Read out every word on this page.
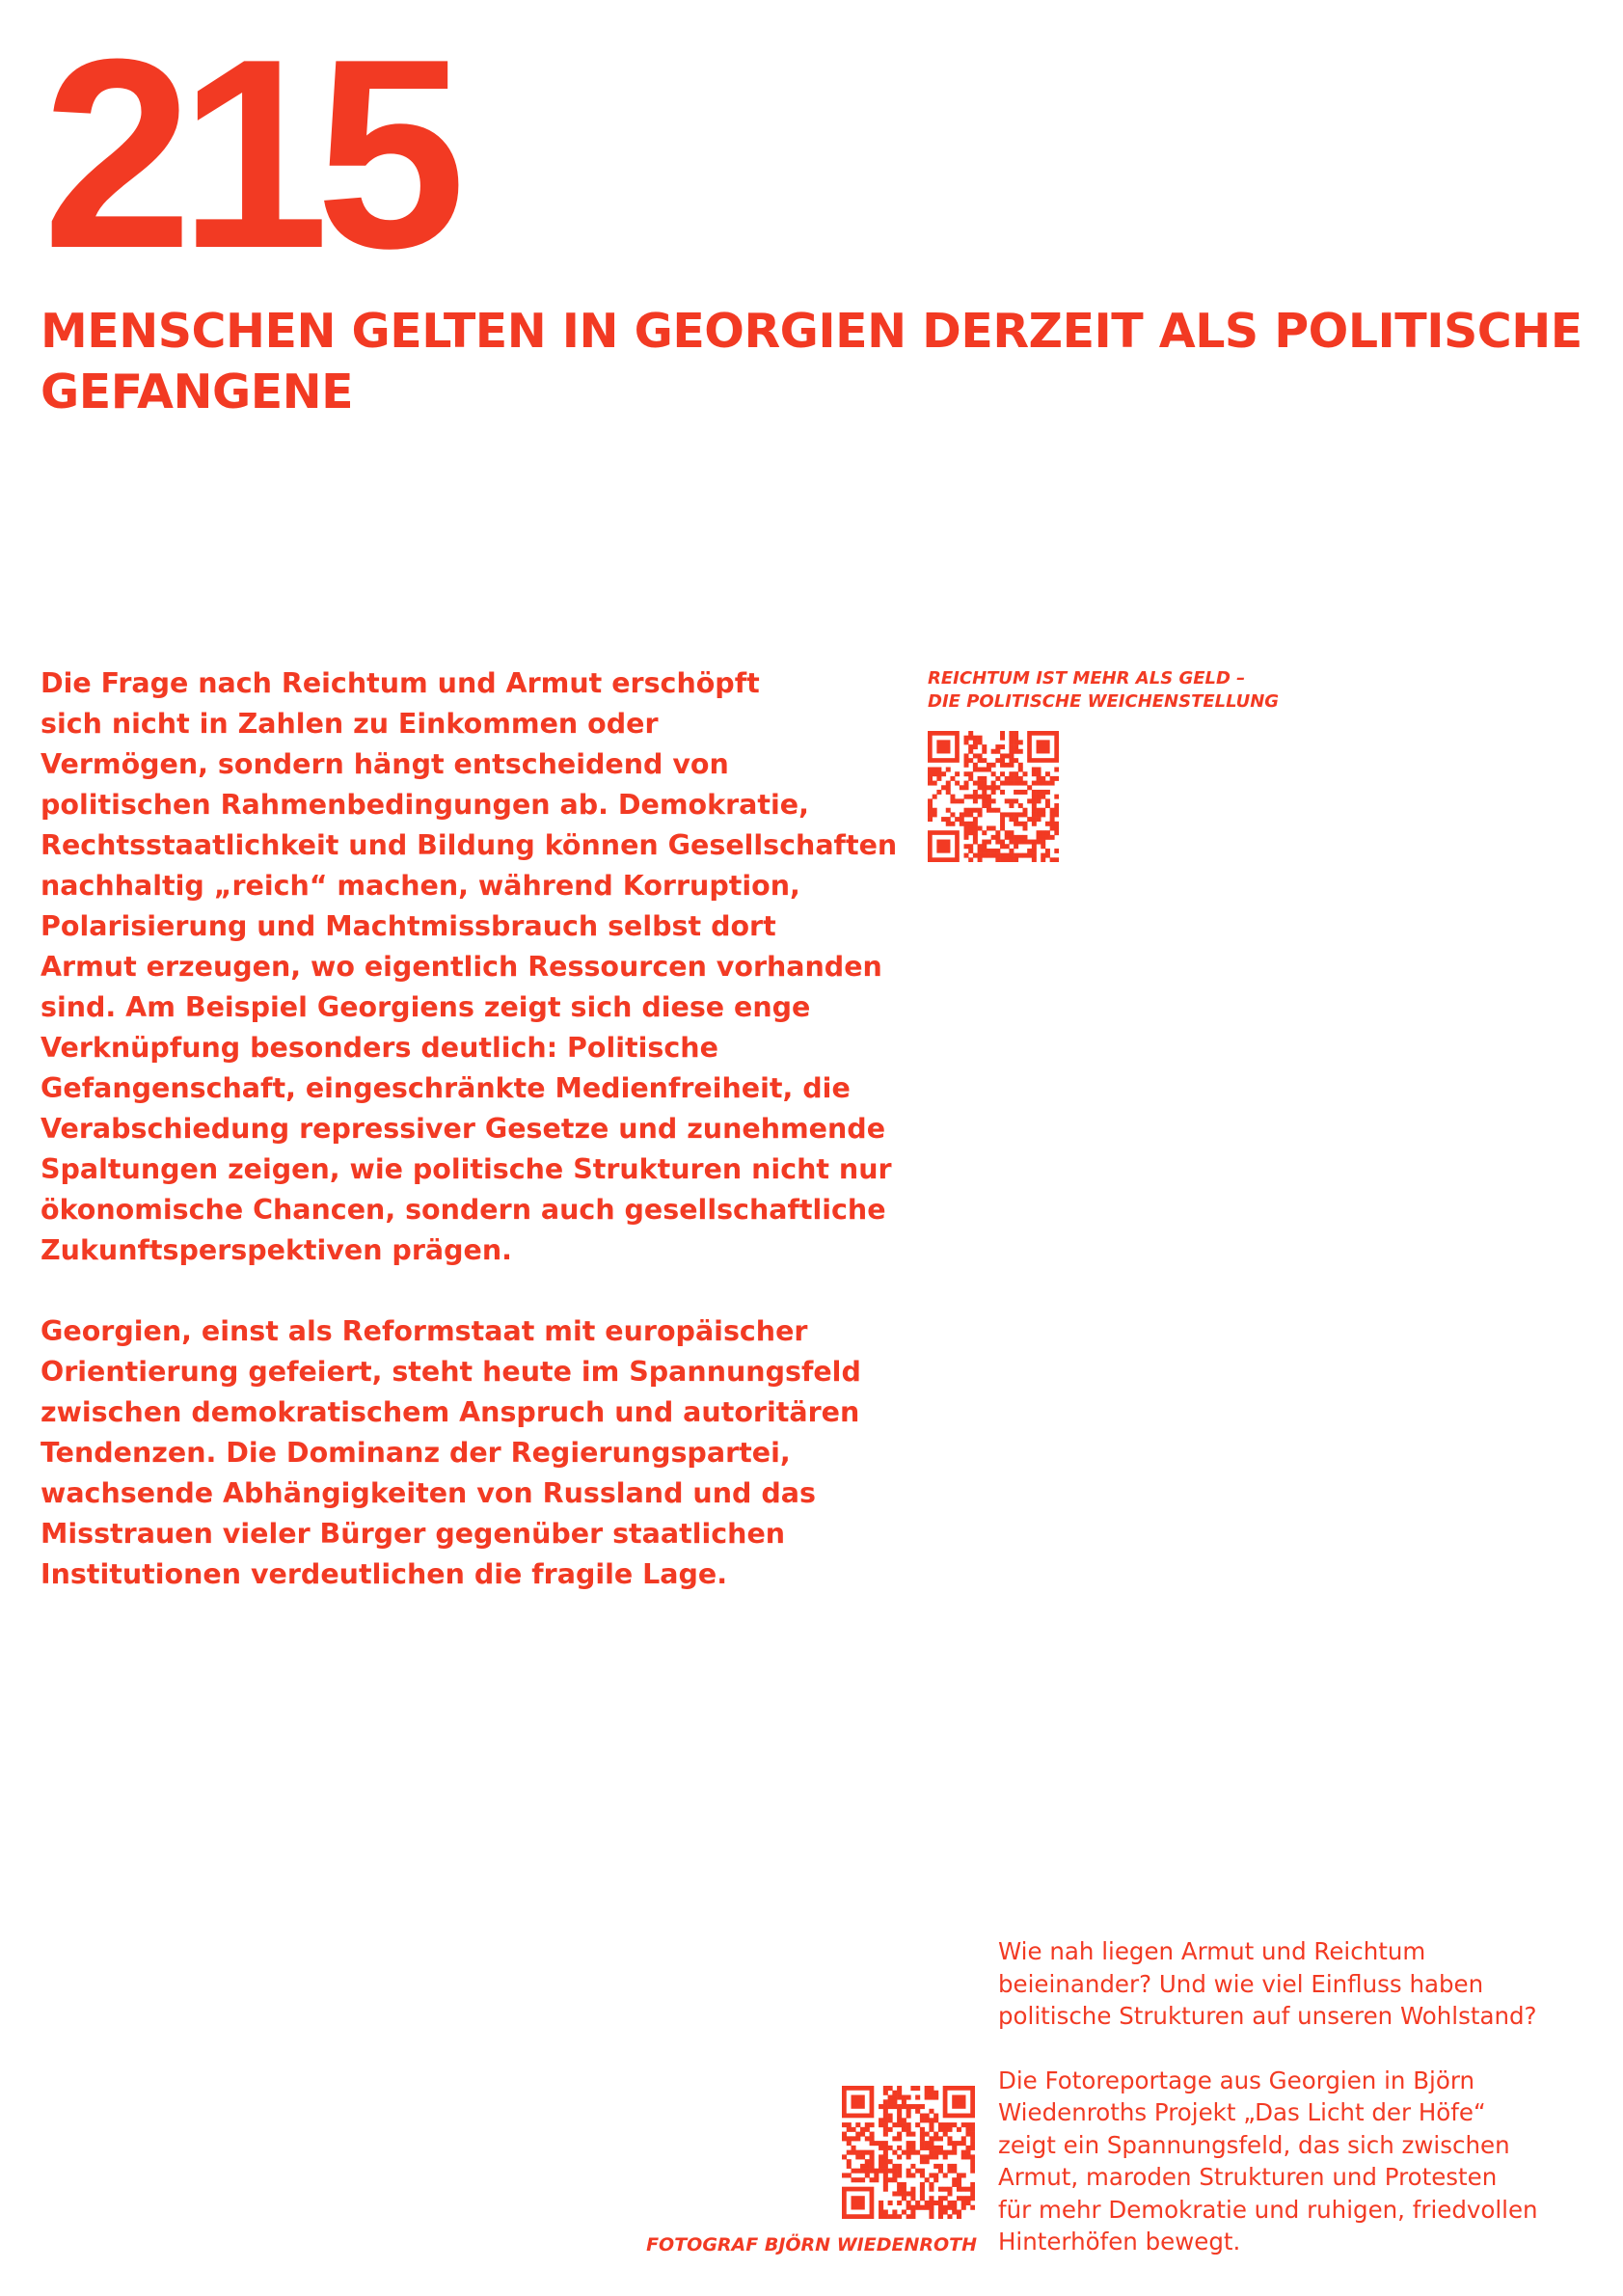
215
MENSCHEN GELTEN IN GEORGIEN DERZEIT ALS POLITISCHE GEFANGENE

Die Frage nach Reichtum und Armut erschöpft
sich nicht in Zahlen zu Einkommen oder
Vermögen, sondern hängt entscheidend von
politischen Rahmenbedingungen ab. Demokratie,
Rechtsstaatlichkeit und Bildung können Gesellschaften
nachhaltig „reich“ machen, während Korruption,
Polarisierung und Machtmissbrauch selbst dort
Armut erzeugen, wo eigentlich Ressourcen vorhanden
sind. Am Beispiel Georgiens zeigt sich diese enge
Verknüpfung besonders deutlich: Politische
Gefangenschaft, eingeschränkte Medienfreiheit, die
Verabschiedung repressiver Gesetze und zunehmende
Spaltungen zeigen, wie politische Strukturen nicht nur
ökonomische Chancen, sondern auch gesellschaftliche
Zukunftsperspektiven prägen.

Georgien, einst als Reformstaat mit europäischer
Orientierung gefeiert, steht heute im Spannungsfeld
zwischen demokratischem Anspruch und autoritären
Tendenzen. Die Dominanz der Regierungspartei,
wachsende Abhängigkeiten von Russland und das
Misstrauen vieler Bürger gegenüber staatlichen
Institutionen verdeutlichen die fragile Lage.

REICHTUM IST MEHR ALS GELD –
DIE POLITISCHE WEICHENSTELLUNG
FOTOGRAF BJÖRN WIEDENROTH

Wie nah liegen Armut und Reichtum
beieinander? Und wie viel Einfluss haben
politische Strukturen auf unseren Wohlstand?

Die Fotoreportage aus Georgien in Björn
Wiedenroths Projekt „Das Licht der Höfe“
zeigt ein Spannungsfeld, das sich zwischen
Armut, maroden Strukturen und Protesten
für mehr Demokratie und ruhigen, friedvollen
Hinterhöfen bewegt.
